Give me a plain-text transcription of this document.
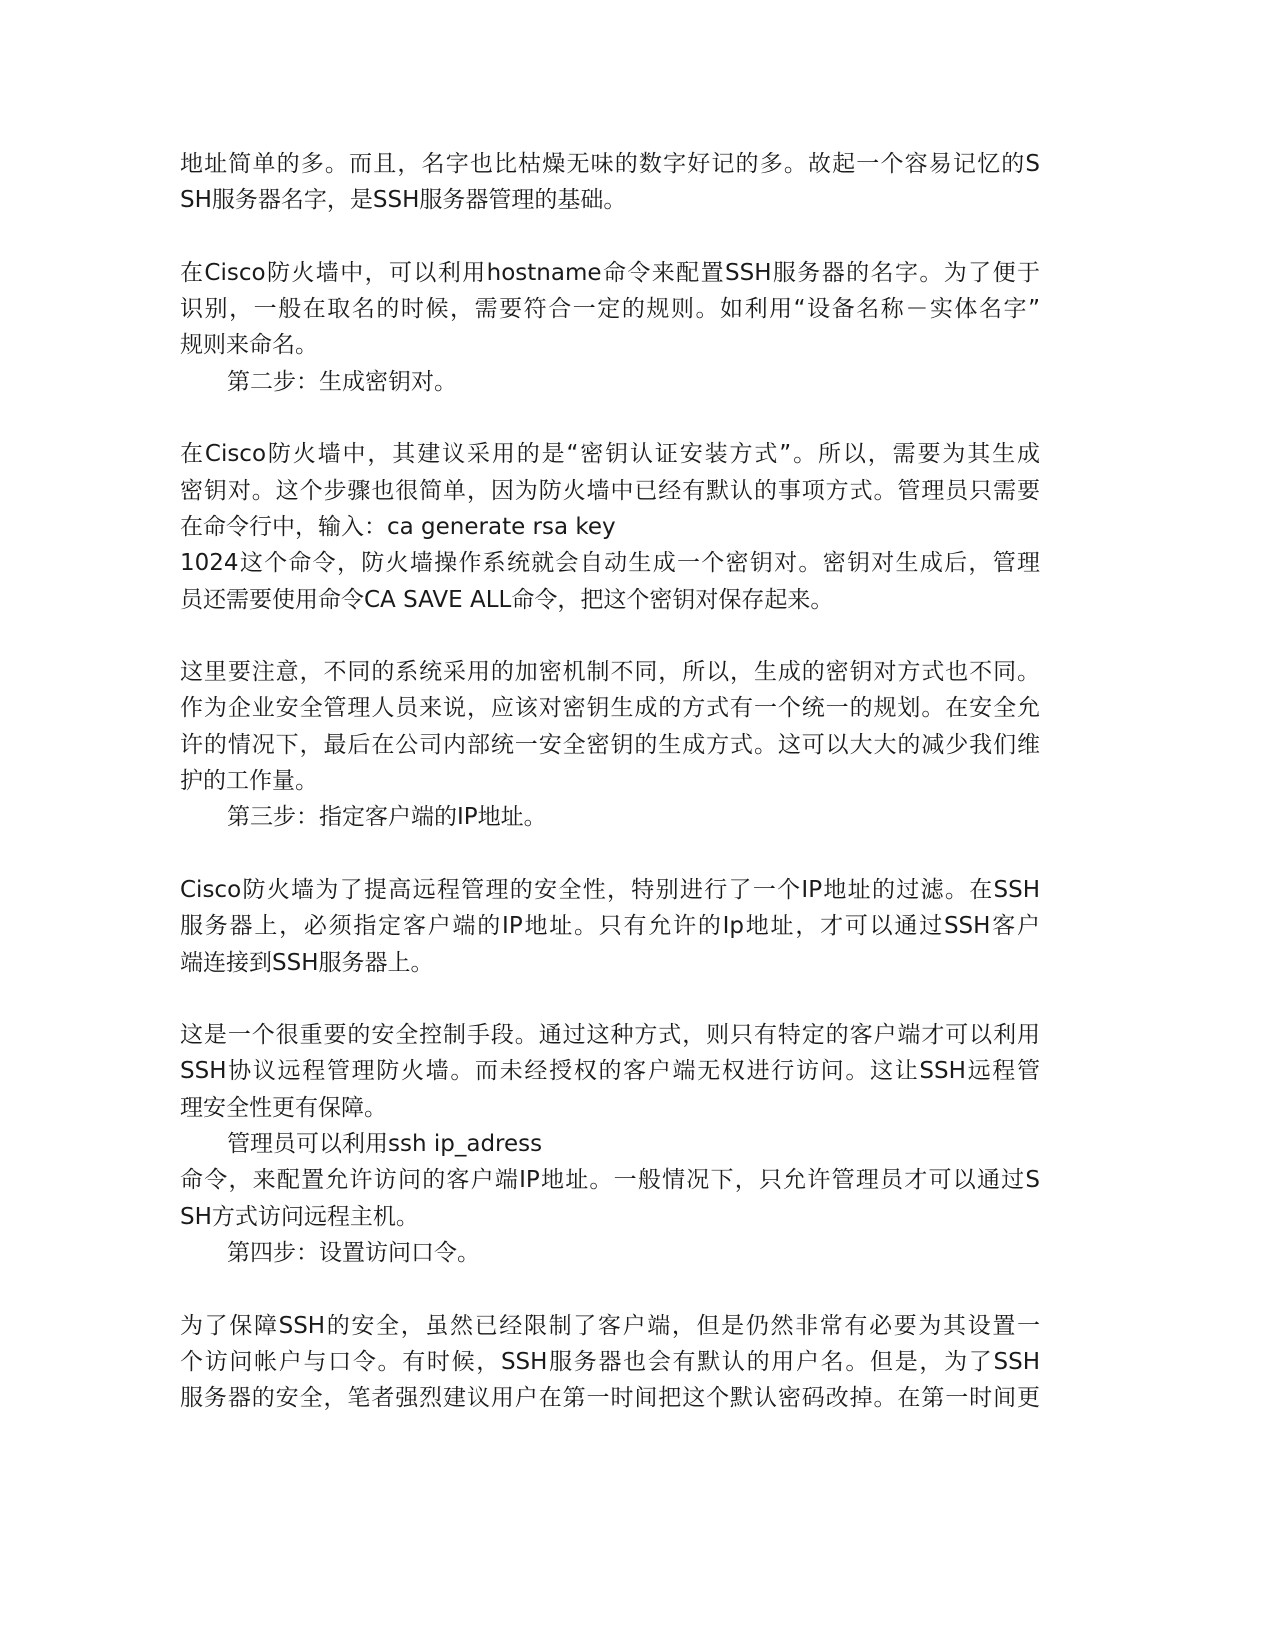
地址简单的多。而且，名字也比枯燥无味的数字好记的多。故起一个容易记忆的S
SH服务器名字，是SSH服务器管理的基础。
在Cisco防火墙中，可以利用hostname命令来配置SSH服务器的名字。为了便于
识别，一般在取名的时候，需要符合一定的规则。如利用“设备名称－实体名字”
规则来命名。
第二步：生成密钥对。
在Cisco防火墙中，其建议采用的是“密钥认证安装方式”。所以，需要为其生成
密钥对。这个步骤也很简单，因为防火墙中已经有默认的事项方式。管理员只需要
在命令行中，输入：ca generate rsa key
1024这个命令，防火墙操作系统就会自动生成一个密钥对。密钥对生成后，管理
员还需要使用命令CA SAVE ALL命令，把这个密钥对保存起来。
这里要注意，不同的系统采用的加密机制不同，所以，生成的密钥对方式也不同。
作为企业安全管理人员来说，应该对密钥生成的方式有一个统一的规划。在安全允
许的情况下，最后在公司内部统一安全密钥的生成方式。这可以大大的减少我们维
护的工作量。
第三步：指定客户端的IP地址。
Cisco防火墙为了提高远程管理的安全性，特别进行了一个IP地址的过滤。在SSH
服务器上，必须指定客户端的IP地址。只有允许的Ip地址，才可以通过SSH客户
端连接到SSH服务器上。
这是一个很重要的安全控制手段。通过这种方式，则只有特定的客户端才可以利用
SSH协议远程管理防火墙。而未经授权的客户端无权进行访问。这让SSH远程管
理安全性更有保障。
管理员可以利用ssh ip_adress
命令，来配置允许访问的客户端IP地址。一般情况下，只允许管理员才可以通过S
SH方式访问远程主机。
第四步：设置访问口令。
为了保障SSH的安全，虽然已经限制了客户端，但是仍然非常有必要为其设置一
个访问帐户与口令。有时候，SSH服务器也会有默认的用户名。但是，为了SSH
服务器的安全，笔者强烈建议用户在第一时间把这个默认密码改掉。在第一时间更
